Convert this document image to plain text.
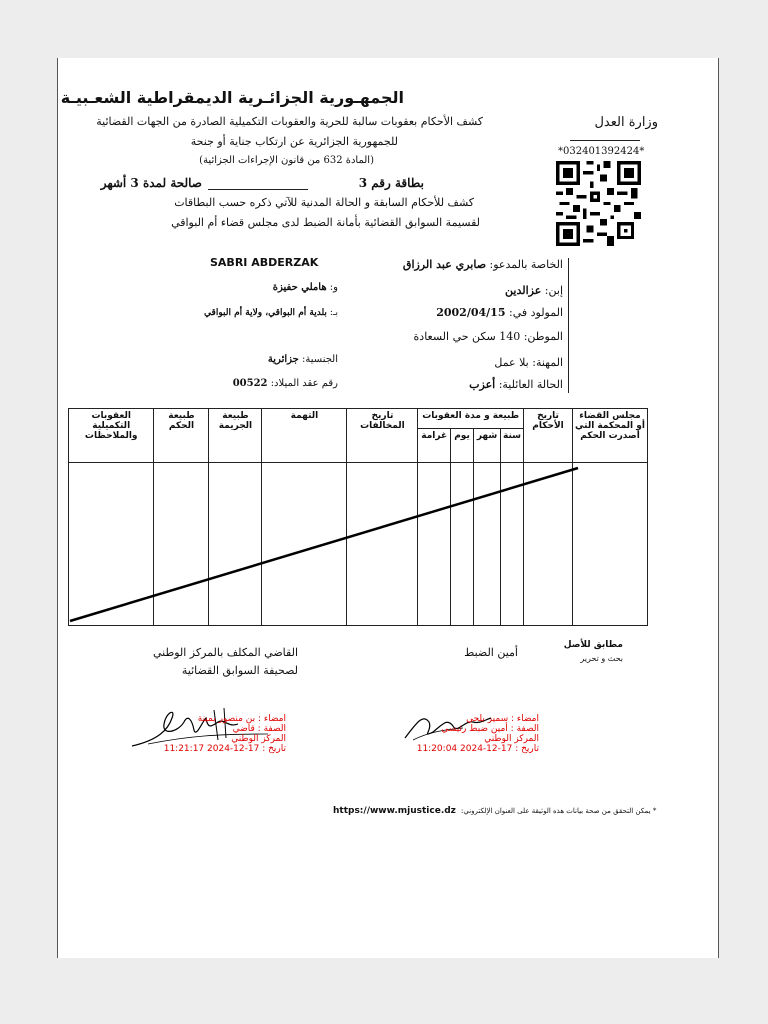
الجمهـورية الجزائـرية الديمقراطية الشعـبيـة
وزارة العدل
*032401392424*
كشف الأحكام بعقوبات سالبة للحرية والعقوبات التكميلية الصادرة من الجهات القضائية
للجمهورية الجزائرية عن ارتكاب جناية أو جنحة
(المادة 632 من قانون الإجراءات الجزائية)
بطاقة رقم 3
صالحة لمدة 3 أشهر
كشف للأحكام السابقة و الحالة المدنية للآتي ذكره حسب البطاقات
لقسيمة السوابق القضائية بأمانة الضبط لدى مجلس قضاء أم البواقي
SABRI ABDERZAK	الخاصة بالمدعو: صابري عبد الرزاق
إبن: عزالدين
و: هاملي حفيزة
المولود في: 2002/04/15
بـ: بلدية أم البواقي، ولاية أم البواقي
الموطن: 140 سكن حي السعادة
المهنة: بلا عمل
الجنسية: جزائرية
الحالة العائلية: أعزب
رقم عقد الميلاد: 00522
مجلس القضاء أو المحكمة التي أصدرت الحكم	تاريخ الأحكام	طبيعة و مدة العقوبات				تاريخ المخالفات	التهمة	طبيعة الجريمة	طبيعة الحكم	العقوبات التكميلية والملاحظات
		سنة	شهر	يوم	غرامة					

مطابق للأصل
بحث و تحرير
أمين الضبط
القاضي المكلف بالمركز الوطني
لصحيفة السوابق القضائية
امضاء : سمير بلحي
الصفة : أمين ضبط رئيسي
المركز الوطني
تاريخ : 17-12-2024 11:20:04
امضاء : بن منصور يمينة
الصفة : قاضي
المركز الوطني
تاريخ : 17-12-2024 11:21:17
https://www.mjustice.dz * يمكن التحقق من صحة بيانات هذه الوثيقة على العنوان الإلكتروني:
